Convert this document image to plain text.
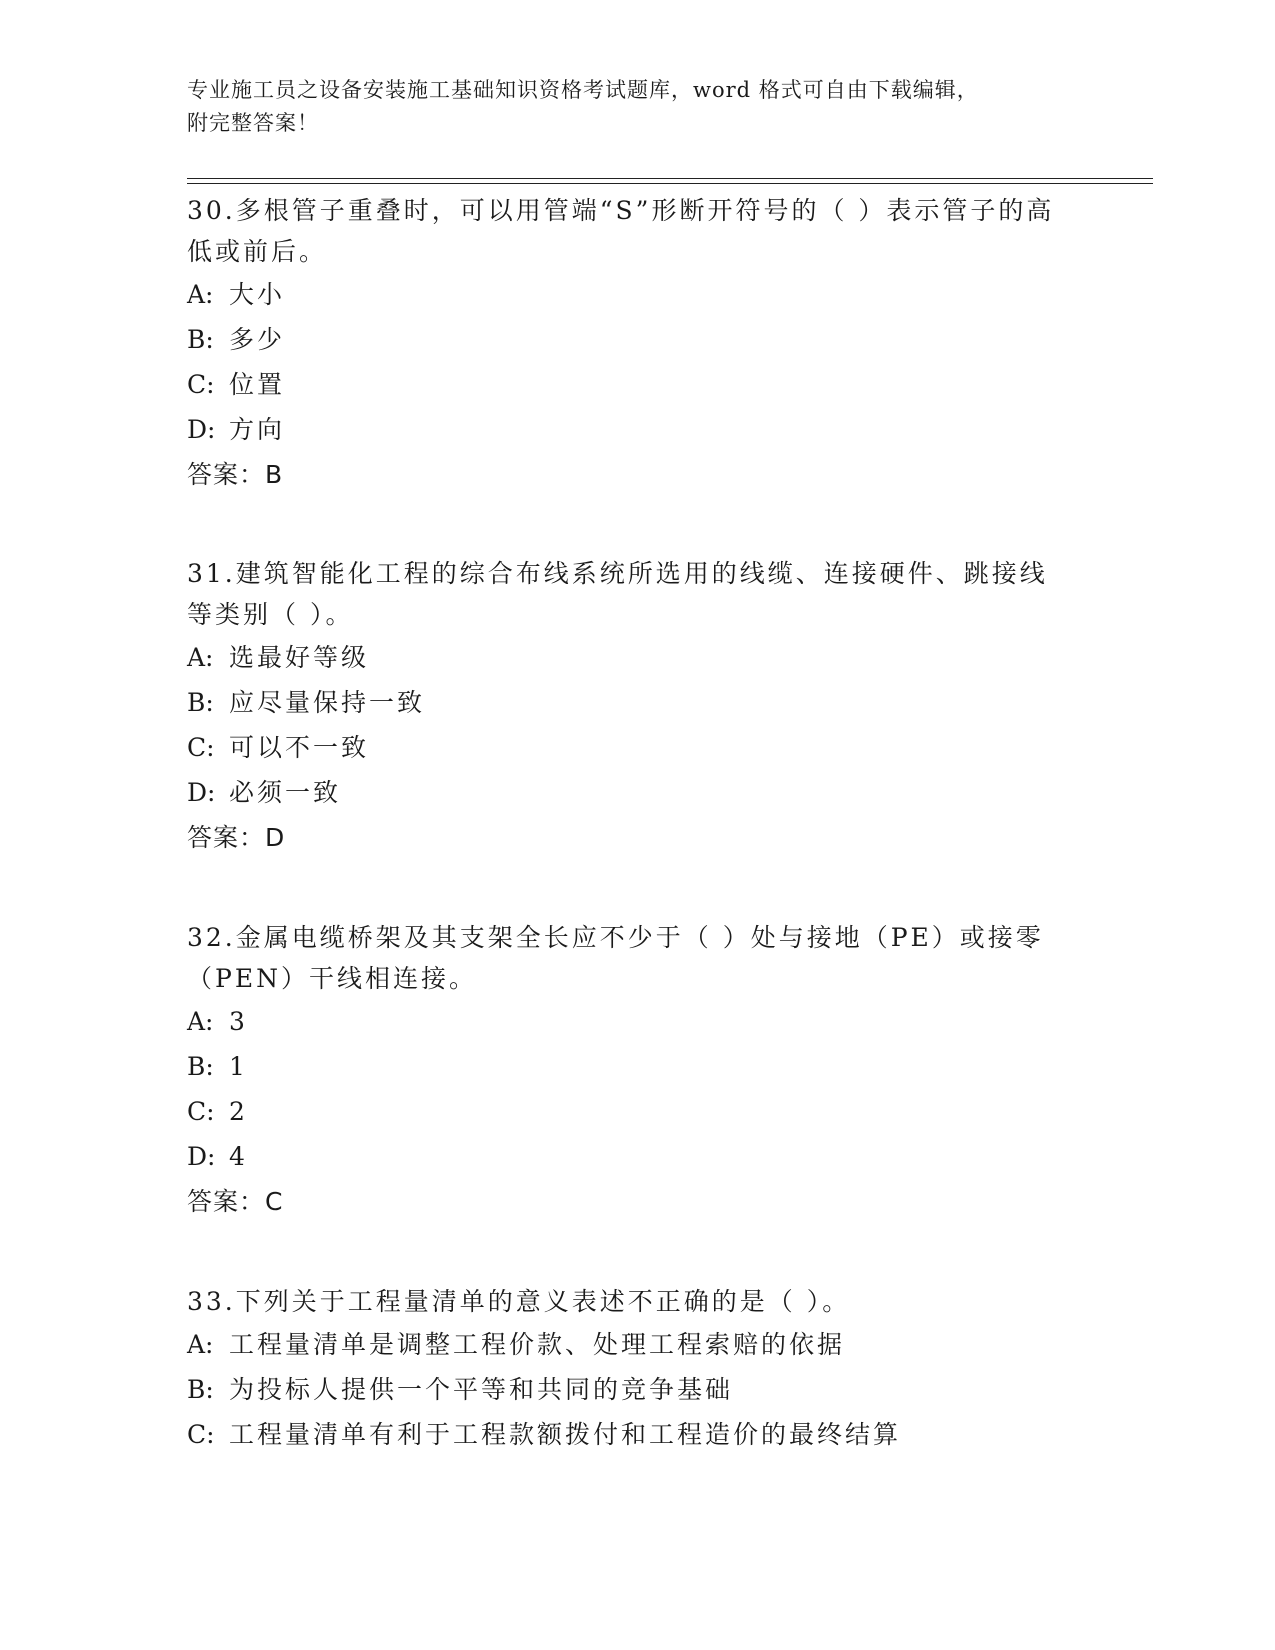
专业施工员之设备安装施工基础知识资格考试题库，word 格式可自由下载编辑，
附完整答案！

30.多根管子重叠时，可以用管端“S”形断开符号的（ ）表示管子的高低或前后。

A: 大小
B: 多少
C: 位置
D: 方向
答案：B

31.建筑智能化工程的综合布线系统所选用的线缆、连接硬件、跳接线等类别（ ）。

A: 选最好等级
B: 应尽量保持一致
C: 可以不一致
D: 必须一致
答案：D

32.金属电缆桥架及其支架全长应不少于（ ）处与接地（PE）或接零（PEN）干线相连接。

A: 3
B: 1
C: 2
D: 4
答案：C

33.下列关于工程量清单的意义表述不正确的是（ ）。

A: 工程量清单是调整工程价款、处理工程索赔的依据
B: 为投标人提供一个平等和共同的竞争基础
C: 工程量清单有利于工程款额拨付和工程造价的最终结算
